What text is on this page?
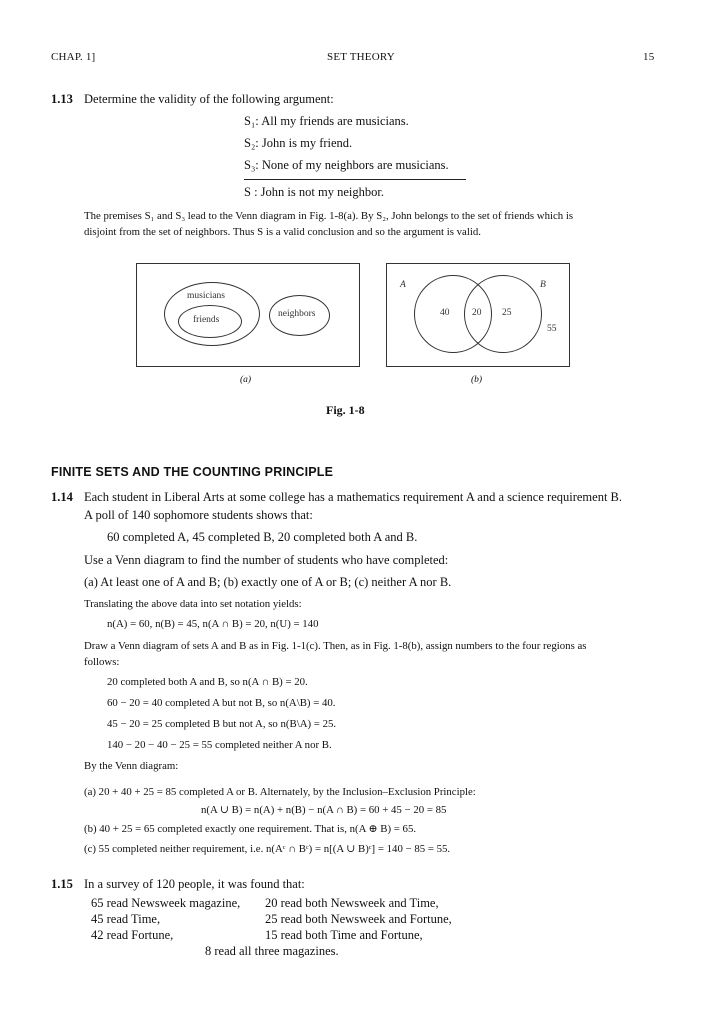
CHAP. 1]	SET THEORY	15
1.13 Determine the validity of the following argument:
S₁: All my friends are musicians.
S₂: John is my friend.
S₃: None of my neighbors are musicians.
S : John is not my neighbor.
The premises S₁ and S₃ lead to the Venn diagram in Fig. 1-8(a). By S₂, John belongs to the set of friends which is
disjoint from the set of neighbors. Thus S is a valid conclusion and so the argument is valid.
musicians
friends
neighbors
(a)
A	B
40 20 25
55
(b)
Fig. 1-8
FINITE SETS AND THE COUNTING PRINCIPLE
1.14 Each student in Liberal Arts at some college has a mathematics requirement A and a science requirement B.
A poll of 140 sophomore students shows that:
60 completed A, 45 completed B, 20 completed both A and B.
Use a Venn diagram to find the number of students who have completed:
(a) At least one of A and B; (b) exactly one of A or B; (c) neither A nor B.
Translating the above data into set notation yields:
n(A) = 60, n(B) = 45, n(A ∩ B) = 20, n(U) = 140
Draw a Venn diagram of sets A and B as in Fig. 1-1(c). Then, as in Fig. 1-8(b), assign numbers to the four regions as
follows:
20 completed both A and B, so n(A ∩ B) = 20.
60 − 20 = 40 completed A but not B, so n(A\B) = 40.
45 − 20 = 25 completed B but not A, so n(B\A) = 25.
140 − 20 − 40 − 25 = 55 completed neither A nor B.
By the Venn diagram:
(a) 20 + 40 + 25 = 85 completed A or B. Alternately, by the Inclusion–Exclusion Principle:
n(A ∪ B) = n(A) + n(B) − n(A ∩ B) = 60 + 45 − 20 = 85
(b) 40 + 25 = 65 completed exactly one requirement. That is, n(A ⊕ B) = 65.
(c) 55 completed neither requirement, i.e. n(Aᶜ ∩ Bᶜ) = n[(A ∪ B)ᶜ] = 140 − 85 = 55.
1.15 In a survey of 120 people, it was found that:
65 read Newsweek magazine, 20 read both Newsweek and Time,
45 read Time,	25 read both Newsweek and Fortune,
42 read Fortune,	15 read both Time and Fortune,
8 read all three magazines.
